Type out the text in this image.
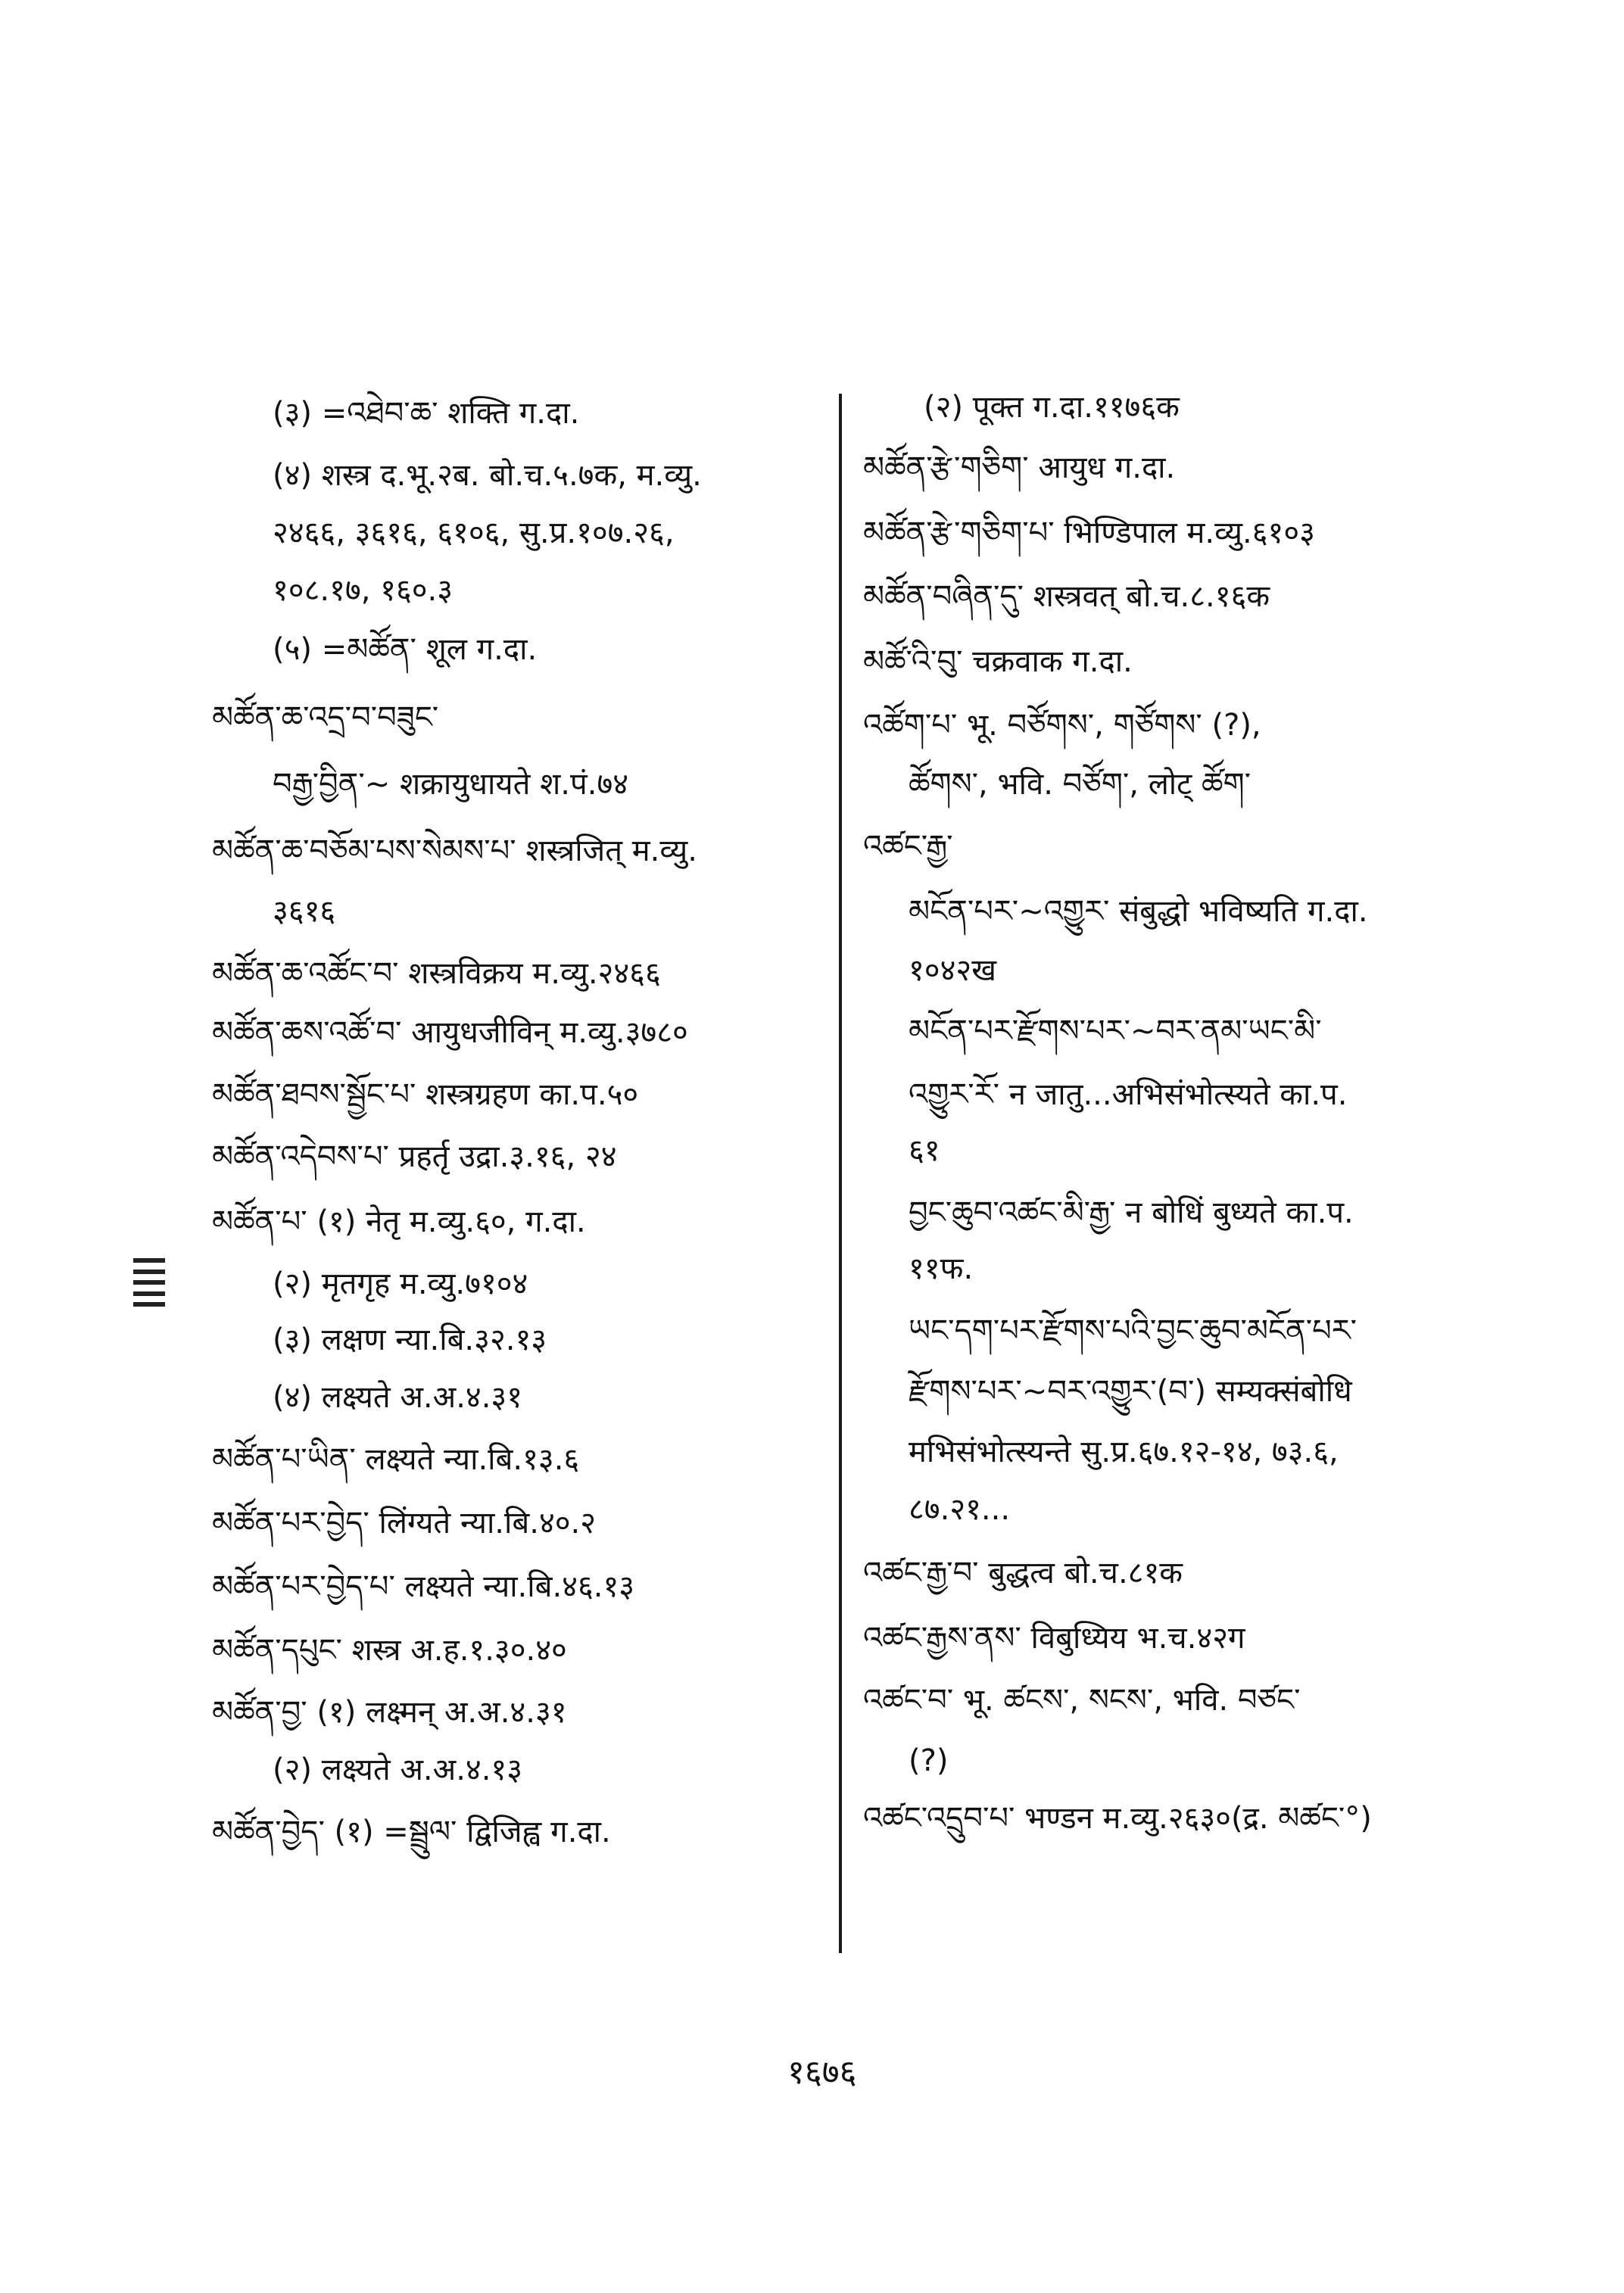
(३) =འཐེབ་ཆ་ शक्ति ग.दा.
(४) शस्त्र द.भू.२ब. बो.च.५.७क, म.व्यु.
२४६६, ३६१६, ६१०६, सु.प्र.१०७.२६,
१०८.१७, १६०.३
(५) =མཚོན་ शूल ग.दा.
མཚོན་ཆ་འདྲ་བ་བཟུང་
བརྒྱ་བྱིན་~ शक्रायुधायते श.पं.७४
མཚོན་ཆ་བཅོམ་པས་སེམས་པ་ शस्त्रजित् म.व्यु.
३६१६
མཚོན་ཆ་འཚོང་བ་ शस्त्रविक्रय म.व्यु.२४६६
མཚོན་ཆས་འཚོ་བ་ आयुधजीविन् म.व्यु.३७८०
མཚོན་ཐབས་སྦྱོང་པ་ शस्त्रग्रहण का.प.५०
མཚོན་འདེབས་པ་ प्रहर्तृ उद्रा.३.१६, २४
མཚོན་པ་ (१) नेतृ म.व्यु.६०, ग.दा.
(२) मृतगृह म.व्यु.७१०४
(३) लक्षण न्या.बि.३२.१३
(४) लक्ष्यते अ.अ.४.३१
མཚོན་པ་ཡིན་ लक्ष्यते न्या.बि.१३.६
མཚོན་པར་བྱེད་ लिंग्यते न्या.बि.४०.२
མཚོན་པར་བྱེད་པ་ लक्ष्यते न्या.बि.४६.१३
མཚོན་དཔུང་ शस्त्र अ.ह.१.३०.४०
མཚོན་བྱ་ (१) लक्ष्मन् अ.अ.४.३१
(२) लक्ष्यते अ.अ.४.१३
མཚོན་བྱེད་ (१) =སྦྲུལ་ द्विजिह्व ग.दा.
(२) पूक्त ग.दा.११७६क
མཚོན་རྩེ་གཅིག་ आयुध ग.दा.
མཚོན་རྩེ་གཅིག་པ་ भिण्डिपाल म.व्यु.६१०३
མཚོན་བཞིན་དུ་ शस्त्रवत् बो.च.८.१६क
མཚོ་འི་བུ་ चक्रवाक ग.दा.
འཚོག་པ་ भू. བཙོགས་, གཙོགས་ (?),
ཚོགས་, भवि. བཙོག་, लोट् ཚོག་
འཚང་རྒྱ་
མངོན་པར་~འགྱུར་ संबुद्धो भविष्यति ग.दा.
१०४२ख
མངོན་པར་རྫོགས་པར་~བར་ནམ་ཡང་མི་
འགྱུར་རོ་ न जातु...अभिसंभोत्स्यते का.प.
६१
བྱང་ཆུབ་འཚང་མི་རྒྱ་ न बोधिं बुध्यते का.प.
११फ.
ཡང་དག་པར་རྫོགས་པའི་བྱང་ཆུབ་མངོན་པར་
རྫོགས་པར་~བར་འགྱུར་(བ་) सम्यक्संबोधि
मभिसंभोत्स्यन्ते सु.प्र.६७.१२-१४, ७३.६,
८७.२१...
འཚང་རྒྱ་བ་ बुद्धत्व बो.च.८१क
འཚང་རྒྱས་ནས་ विबुध्यिय भ.च.४२ग
འཚང་བ་ भू. ཚངས་, སངས་, भवि. བཙང་
(?)
འཚང་འདྲུབ་པ་ भण्डन म.व्यु.२६३०(द्र. མཚང་°)
१६७६
